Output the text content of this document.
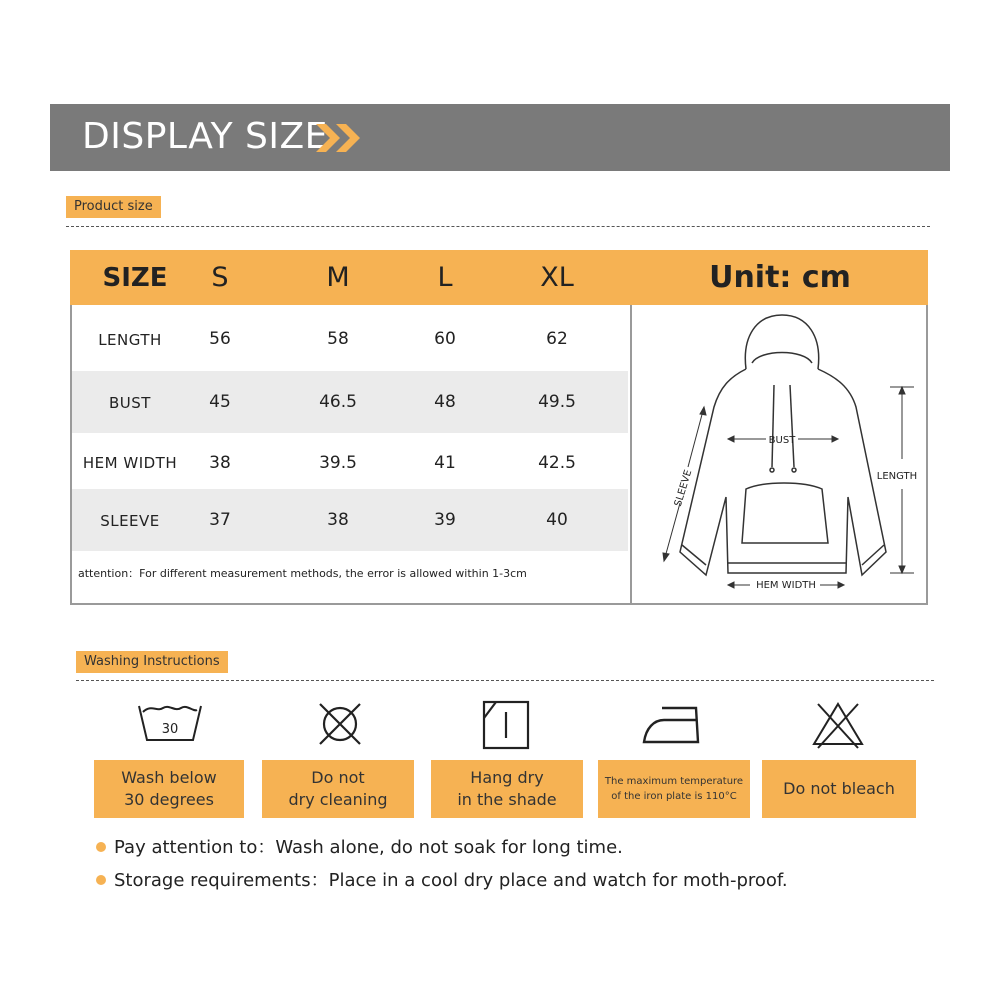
DISPLAY SIZE
Product size
SIZE	S	M	L	XL	Unit: cm
LENGTH	56	58	60	62
BUST	45	46.5	48	49.5
HEM WIDTH	38	39.5	41	42.5
SLEEVE	37	38	39	40
attention：For different measurement methods, the error is allowed within 1-3cm
BUST
LENGTH
SLEEVE
HEM WIDTH
Washing Instructions
30
Wash below
30 degrees
Do not
dry cleaning
Hang dry
in the shade
The maximum temperature
of the iron plate is 110°C	Do not bleach
Pay attention to：Wash alone, do not soak for long time.
Storage requirements：Place in a cool dry place and watch for moth-proof.
